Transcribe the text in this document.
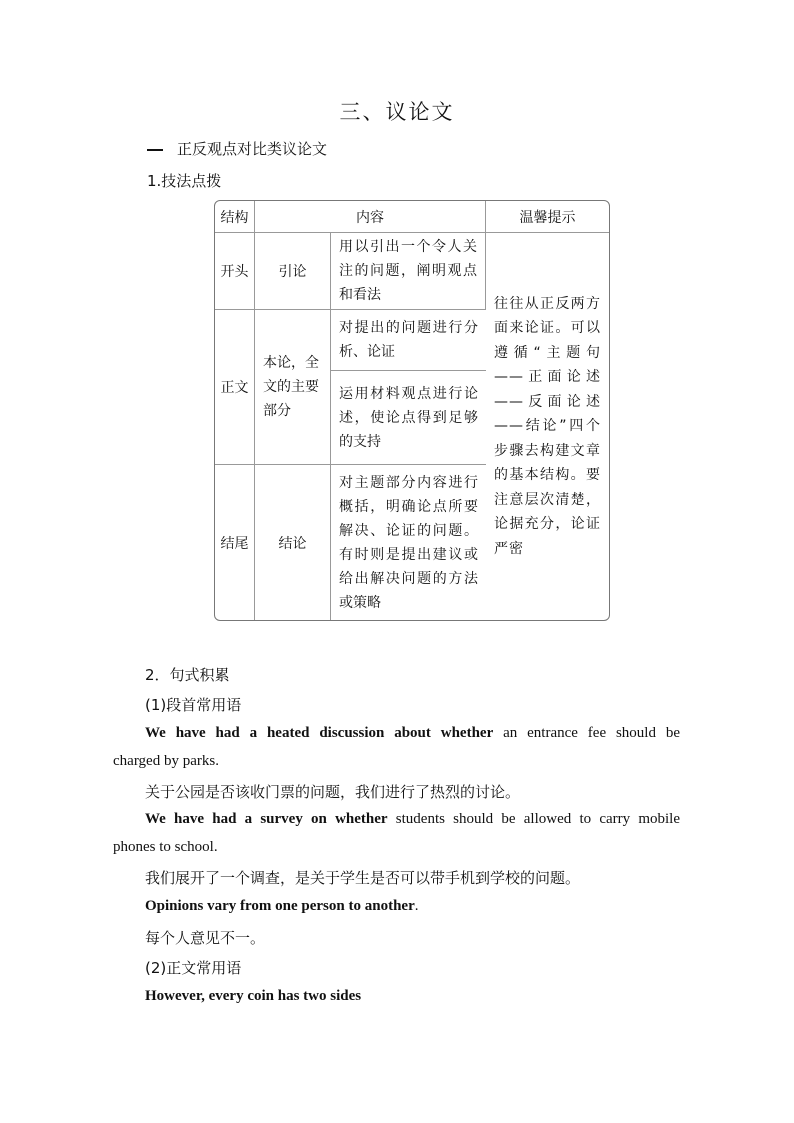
三、议论文
正反观点对比类议论文
1.技法点拨
结构	内容		温馨提示
开头	引论	用以引出一个令人关注的问题，阐明观点和看法	往往从正反两方面来论证。可以遵循“主题句——正面论述——反面论述——结论”四个步骤去构建文章的基本结构。要注意层次清楚，论据充分，论证严密
正文	本论，全文的主要部分	对提出的问题进行分析、论证	
		运用材料观点进行论述，使论点得到足够的支持	
结尾	结论	对主题部分内容进行概括，明确论点所要解决、论证的问题。有时则是提出建议或给出解决问题的方法或策略	
2．句式积累
(1)段首常用语
We have had a heated discussion about whether an entrance fee should be
charged by parks.
关于公园是否该收门票的问题，我们进行了热烈的讨论。
We have had a survey on whether students should be allowed to carry mobile
phones to school.
我们展开了一个调查，是关于学生是否可以带手机到学校的问题。
Opinions vary from one person to another.
每个人意见不一。
(2)正文常用语
However, every coin has two sides
